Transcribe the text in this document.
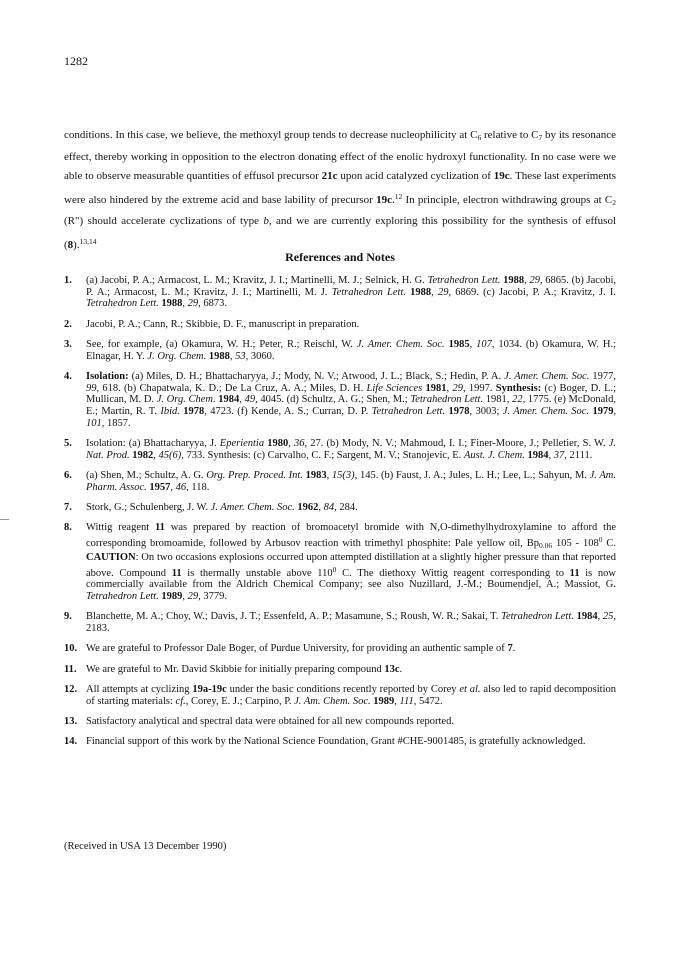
1282

conditions. In this case, we believe, the methoxyl group tends to decrease nucleophilicity at $C_6$ relative to $C_7$ by its resonance effect, thereby working in opposition to the electron donating effect of the enolic hydroxyl functionality. In no case were we able to observe measurable quantities of effusol precursor 21c upon acid catalyzed cyclization of 19c. These last experiments were also hindered by the extreme acid and base lability of precursor 19c.$^{12}$ In principle, electron withdrawing groups at $C_2$ (R") should accelerate cyclizations of type b, and we are currently exploring this possibility for the synthesis of effusol (8).$^{13,14}$

References and Notes
1. (a) Jacobi, P. A.; Armacost, L. M.; Kravitz, J. I.; Martinelli, M. J.; Selnick, H. G. Tetrahedron Lett. 1988, 29, 6865. (b) Jacobi, P. A.; Armacost, L. M.; Kravitz, J. I.; Martinelli, M. J. Tetrahedron Lett. 1988, 29, 6869. (c) Jacobi, P. A.; Kravitz, J. I. Tetrahedron Lett. 1988, 29, 6873.
2. Jacobi, P. A.; Cann, R.; Skibbie, D. F., manuscript in preparation.
3. See, for example, (a) Okamura, W. H.; Peter, R.; Reischl, W. J. Amer. Chem. Soc. 1985, 107, 1034. (b) Okamura, W. H.; Elnagar, H. Y. J. Org. Chem. 1988, 53, 3060.
4. Isolation: (a) Miles, D. H.; Bhattacharyya, J.; Mody, N. V.; Atwood, J. L.; Black, S.; Hedin, P. A. J. Amer. Chem. Soc. 1977, 99, 618. (b) Chapatwala, K. D.; De La Cruz, A. A.; Miles, D. H. Life Sciences 1981, 29, 1997. Synthesis: (c) Boger, D. L.; Mullican, M. D. J. Org. Chem. 1984, 49, 4045. (d) Schultz, A. G.; Shen, M.; Tetrahedron Lett. 1981, 22, 1775. (e) McDonald, E.; Martin, R. T. Ibid. 1978, 4723. (f) Kende, A. S.; Curran, D. P. Tetrahedron Lett. 1978, 3003; J. Amer. Chem. Soc. 1979, 101, 1857.
5. Isolation: (a) Bhattacharyya, J. Eperientia 1980, 36, 27. (b) Mody, N. V.; Mahmoud, I. I.; Finer-Moore, J.; Pelletier, S. W. J. Nat. Prod. 1982, 45(6), 733. Synthesis: (c) Carvalho, C. F.; Sargent, M. V.; Stanojevic, E. Aust. J. Chem. 1984, 37, 2111.
6. (a) Shen, M.; Schultz, A. G. Org. Prep. Proced. Int. 1983, 15(3), 145. (b) Faust, J. A.; Jules, L. H.; Lee, L.; Sahyun, M. J. Am. Pharm. Assoc. 1957, 46, 118.
7. Stork, G.; Schulenberg, J. W. J. Amer. Chem. Soc. 1962, 84, 284.
8. Wittig reagent 11 was prepared by reaction of bromoacetyl bromide with N,O-dimethylhydroxylamine to afford the corresponding bromoamide, followed by Arbusov reaction with trimethyl phosphite: Pale yellow oil, $Bp_{0.06}$ $105 - 108^0$ C. CAUTION: On two occasions explosions occurred upon attempted distillation at a slightly higher pressure than that reported above. Compound 11 is thermally unstable above $110^0$ C. The diethoxy Wittig reagent corresponding to 11 is now commercially available from the Aldrich Chemical Company; see also Nuzillard, J.-M.; Boumendjel, A.; Massiot, G. Tetrahedron Lett. 1989, 29, 3779.
9. Blanchette, M. A.; Choy, W.; Davis, J. T.; Essenfeld, A. P.; Masamune, S.; Roush, W. R.; Sakai, T. Tetrahedron Lett. 1984, 25, 2183.
10. We are grateful to Professor Dale Boger, of Purdue University, for providing an authentic sample of 7.
11. We are grateful to Mr. David Skibbie for initially preparing compound 13c.
12. All attempts at cyclizing 19a-19c under the basic conditions recently reported by Corey et al. also led to rapid decomposition of starting materials: cf., Corey, E. J.; Carpino, P. J. Am. Chem. Soc. 1989, 111, 5472.
13. Satisfactory analytical and spectral data were obtained for all new compounds reported.
14. Financial support of this work by the National Science Foundation, Grant #CHE-9001485, is gratefully acknowledged.
(Received in USA 13 December 1990)
